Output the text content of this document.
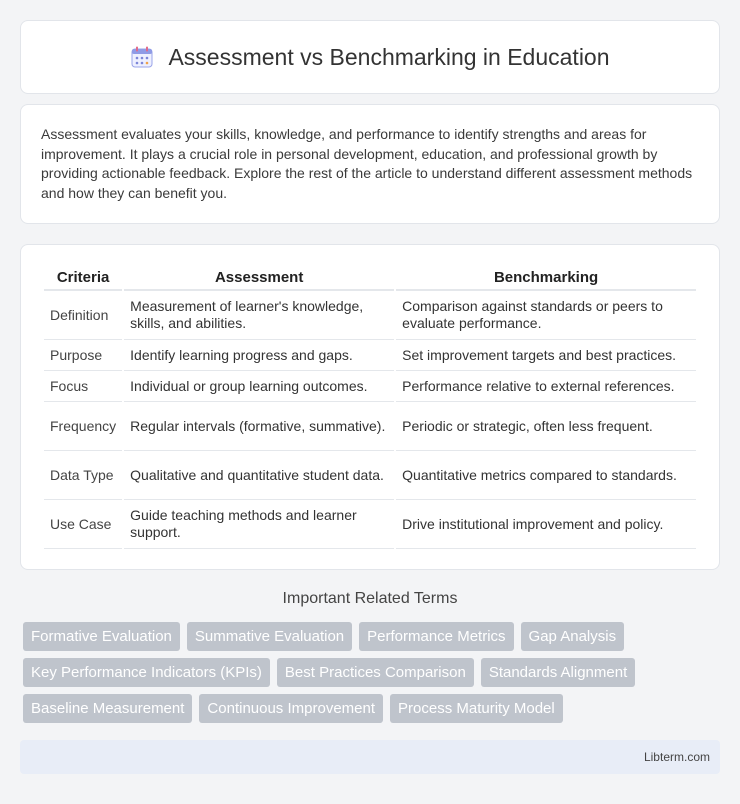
Assessment vs Benchmarking in Education

Assessment evaluates your skills, knowledge, and performance to identify strengths and areas for improvement. It plays a crucial role in personal development, education, and professional growth by providing actionable feedback. Explore the rest of the article to understand different assessment methods and how they can benefit you.

Criteria	Assessment	Benchmarking
Definition	Measurement of learner's knowledge, skills, and abilities.	Comparison against standards or peers to evaluate performance.
Purpose	Identify learning progress and gaps.	Set improvement targets and best practices.
Focus	Individual or group learning outcomes.	Performance relative to external references.
Frequency	Regular intervals (formative, summative).	Periodic or strategic, often less frequent.
Data Type	Qualitative and quantitative student data.	Quantitative metrics compared to standards.
Use Case	Guide teaching methods and learner support.	Drive institutional improvement and policy.
Important Related Terms
Formative Evaluation	Summative Evaluation	Performance Metrics	Gap Analysis
Key Performance Indicators (KPIs)	Best Practices Comparison	Standards Alignment
Baseline Measurement	Continuous Improvement	Process Maturity Model
Libterm.com
